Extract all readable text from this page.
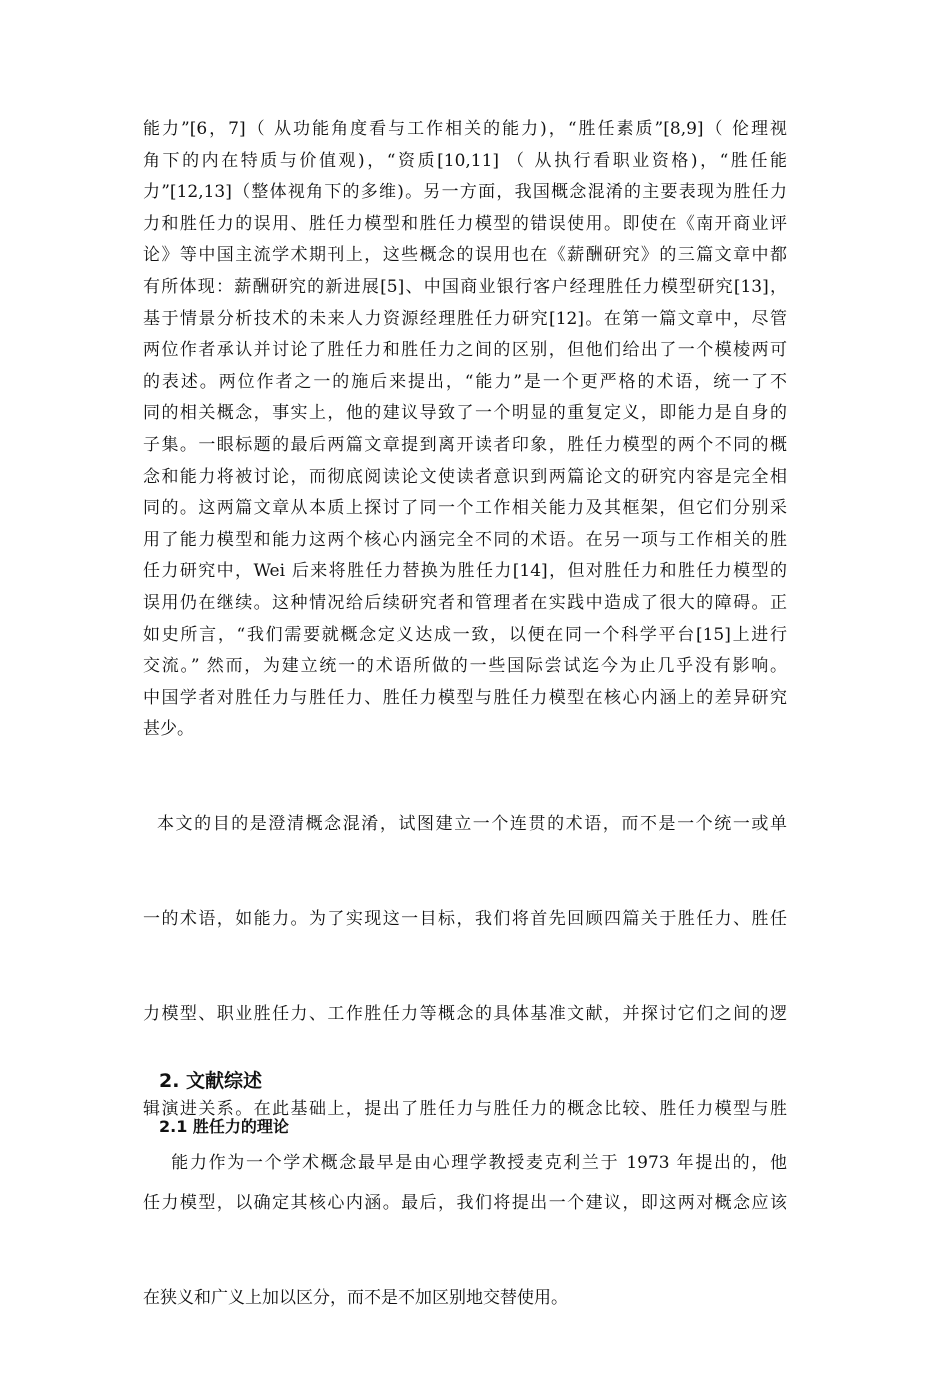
能力”[6，7]（ 从功能角度看与工作相关的能力)，“胜任素质”[8,9]（ 伦理视
角下的内在特质与价值观)，“资质[10,11] （ 从执行看职业资格)，“胜任能
力”[12,13]（整体视角下的多维)。另一方面，我国概念混淆的主要表现为胜任力
力和胜任力的误用、胜任力模型和胜任力模型的错误使用。即使在《南开商业评
论》等中国主流学术期刊上，这些概念的误用也在《薪酬研究》的三篇文章中都
有所体现：薪酬研究的新进展[5]、中国商业银行客户经理胜任力模型研究[13]，
基于情景分析技术的未来人力资源经理胜任力研究[12]。在第一篇文章中，尽管
两位作者承认并讨论了胜任力和胜任力之间的区别，但他们给出了一个模棱两可
的表述。两位作者之一的施后来提出，“能力”是一个更严格的术语，统一了不
同的相关概念，事实上，他的建议导致了一个明显的重复定义，即能力是自身的
子集。一眼标题的最后两篇文章提到离开读者印象，胜任力模型的两个不同的概
念和能力将被讨论，而彻底阅读论文使读者意识到两篇论文的研究内容是完全相
同的。这两篇文章从本质上探讨了同一个工作相关能力及其框架，但它们分别采
用了能力模型和能力这两个核心内涵完全不同的术语。在另一项与工作相关的胜
任力研究中，Wei 后来将胜任力替换为胜任力[14]，但对胜任力和胜任力模型的
误用仍在继续。这种情况给后续研究者和管理者在实践中造成了很大的障碍。正
如史所言，“我们需要就概念定义达成一致，以便在同一个科学平台[15]上进行
交流。” 然而，为建立统一的术语所做的一些国际尝试迄今为止几乎没有影响。
中国学者对胜任力与胜任力、胜任力模型与胜任力模型在核心内涵上的差异研究
甚少。

本文的目的是澄清概念混淆，试图建立一个连贯的术语，而不是一个统一或单

一的术语，如能力。为了实现这一目标，我们将首先回顾四篇关于胜任力、胜任

力模型、职业胜任力、工作胜任力等概念的具体基准文献，并探讨它们之间的逻

辑演进关系。在此基础上，提出了胜任力与胜任力的概念比较、胜任力模型与胜

任力模型，以确定其核心内涵。最后，我们将提出一个建议，即这两对概念应该

在狭义和广义上加以区分，而不是不加区别地交替使用。

2. 文献综述
2.1 胜任力的理论
能力作为一个学术概念最早是由心理学教授麦克利兰于 1973 年提出的，他
